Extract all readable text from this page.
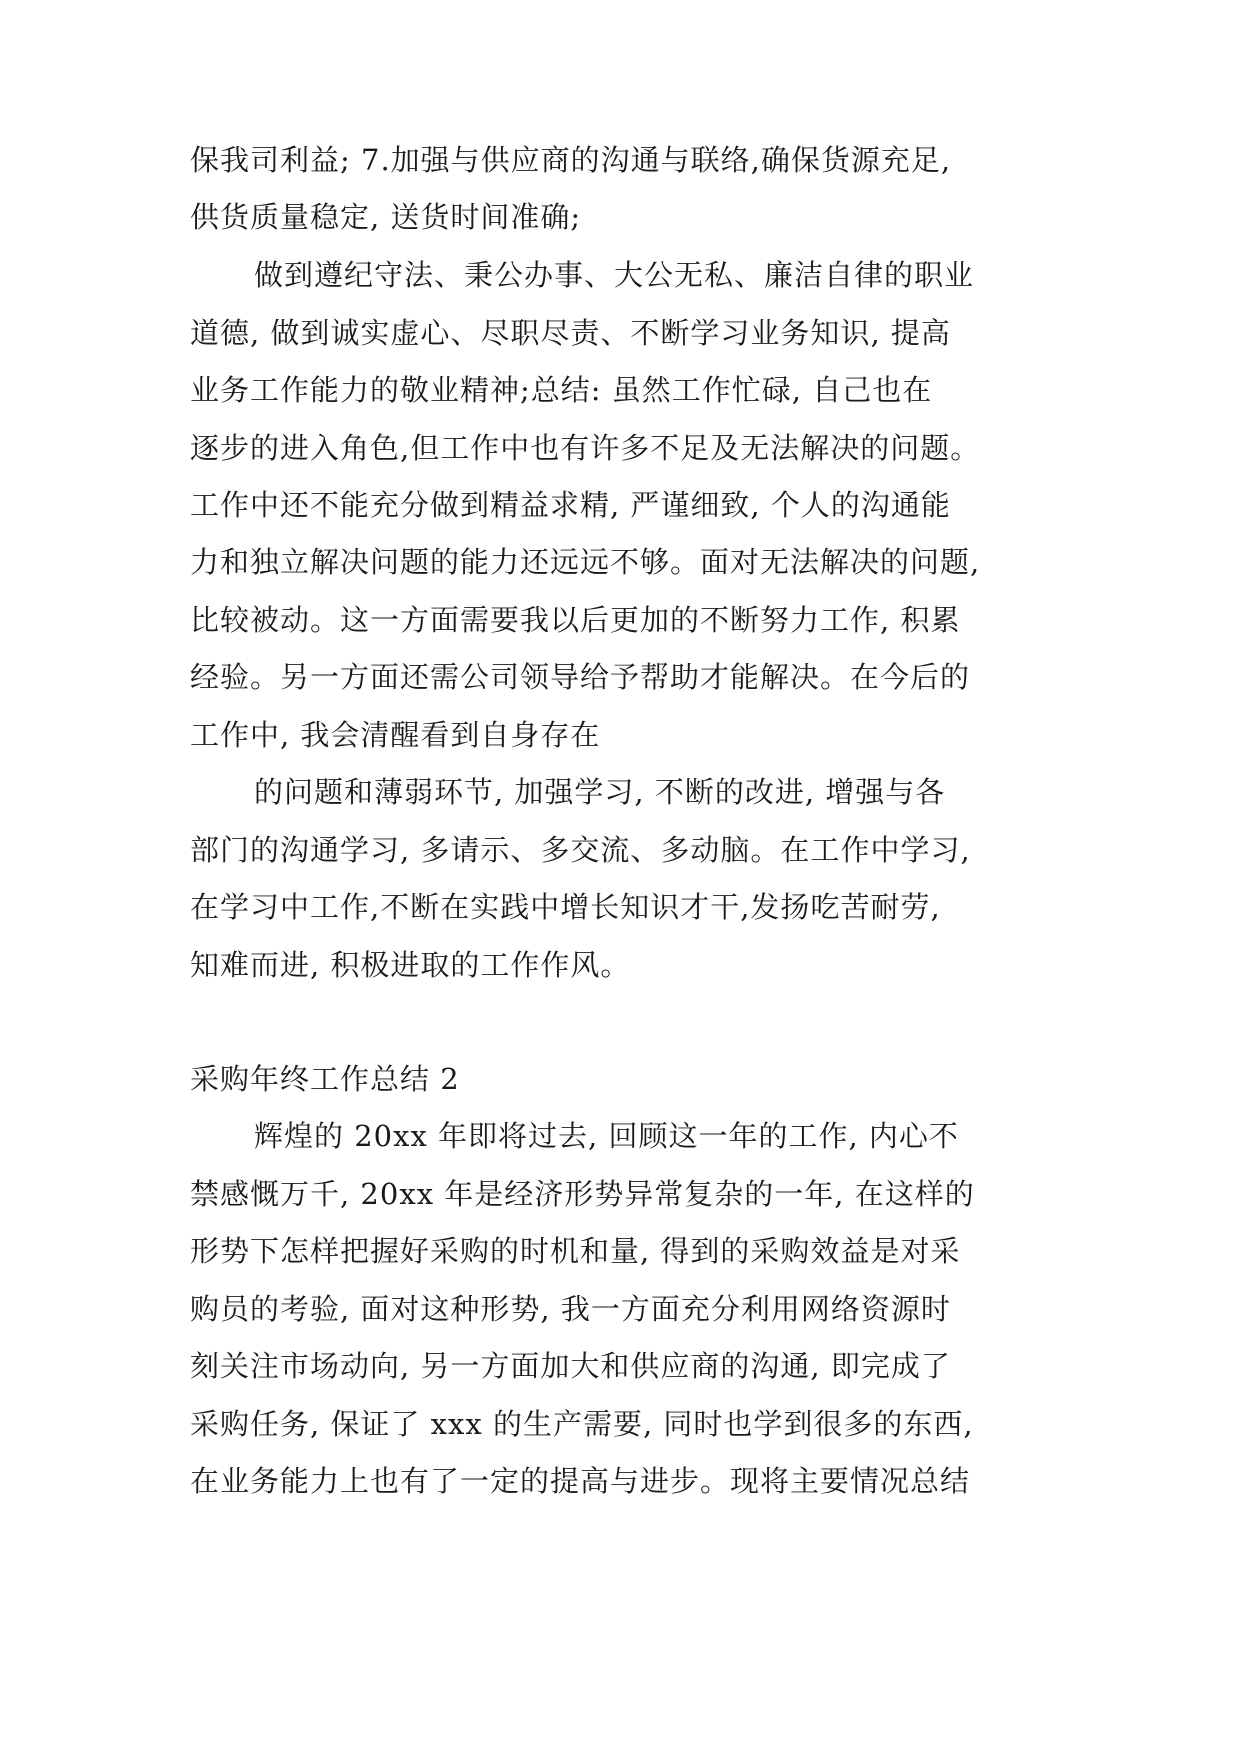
保我司利益; 7.加强与供应商的沟通与联络,确保货源充足,
供货质量稳定, 送货时间准确;
做到遵纪守法、秉公办事、大公无私、廉洁自律的职业
道德, 做到诚实虚心、尽职尽责、不断学习业务知识, 提高
业务工作能力的敬业精神;总结: 虽然工作忙碌, 自己也在
逐步的进入角色,但工作中也有许多不足及无法解决的问题。
工作中还不能充分做到精益求精, 严谨细致, 个人的沟通能
力和独立解决问题的能力还远远不够。面对无法解决的问题,
比较被动。这一方面需要我以后更加的不断努力工作, 积累
经验。另一方面还需公司领导给予帮助才能解决。在今后的
工作中, 我会清醒看到自身存在
的问题和薄弱环节, 加强学习, 不断的改进, 增强与各
部门的沟通学习, 多请示、多交流、多动脑。在工作中学习,
在学习中工作,不断在实践中增长知识才干,发扬吃苦耐劳,
知难而进, 积极进取的工作作风。
采购年终工作总结 2
辉煌的 20xx 年即将过去, 回顾这一年的工作, 内心不
禁感慨万千, 20xx 年是经济形势异常复杂的一年, 在这样的
形势下怎样把握好采购的时机和量, 得到的采购效益是对采
购员的考验, 面对这种形势, 我一方面充分利用网络资源时
刻关注市场动向, 另一方面加大和供应商的沟通, 即完成了
采购任务, 保证了 xxx 的生产需要, 同时也学到很多的东西,
在业务能力上也有了一定的提高与进步。现将主要情况总结
